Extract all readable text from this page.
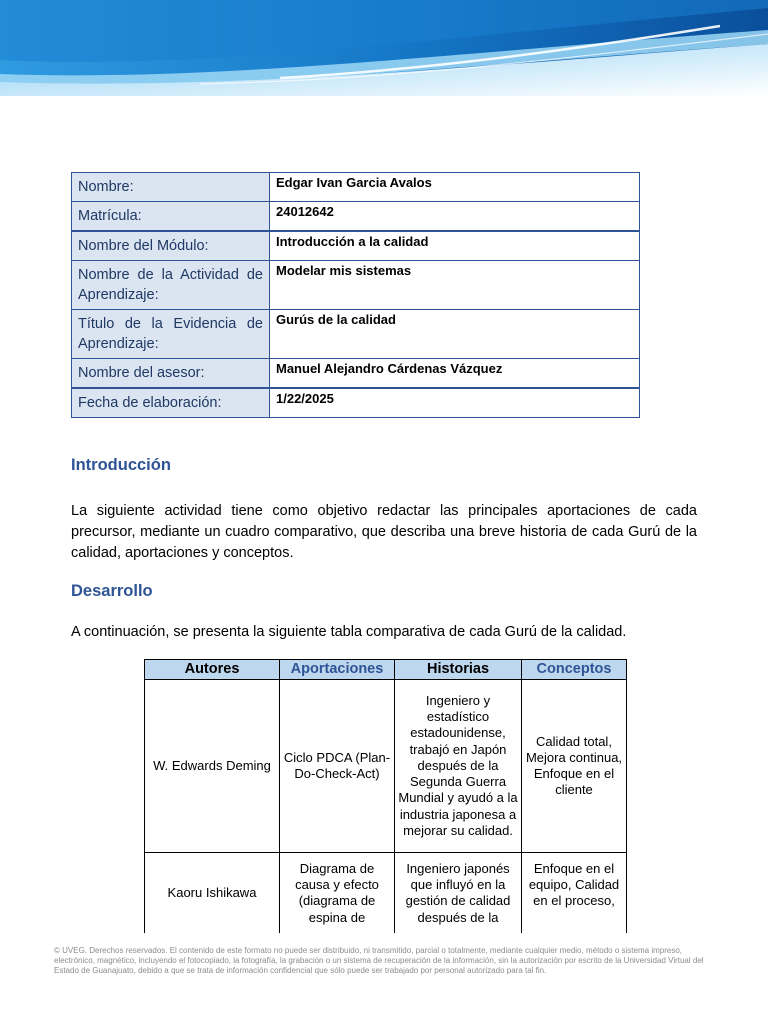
Nombre:	Edgar Ivan Garcia Avalos
Matrícula:	24012642
Nombre del Módulo:	Introducción a la calidad
Nombre de la Actividad de Aprendizaje:	Modelar mis sistemas
Título de la Evidencia de Aprendizaje:	Gurús de la calidad
Nombre del asesor:	Manuel Alejandro Cárdenas Vázquez
Fecha de elaboración:	1/22/2025
Introducción

La siguiente actividad tiene como objetivo redactar las principales aportaciones de cada precursor, mediante un cuadro comparativo, que describa una breve historia de cada Gurú de la calidad, aportaciones y conceptos.

Desarrollo

A continuación, se presenta la siguiente tabla comparativa de cada Gurú de la calidad.

Autores	Aportaciones	Historias	Conceptos
W. Edwards Deming	Ciclo PDCA (Plan-Do-Check-Act)	Ingeniero y estadístico estadounidense, trabajó en Japón después de la Segunda Guerra Mundial y ayudó a la industria japonesa a mejorar su calidad.	Calidad total, Mejora continua, Enfoque en el cliente
Kaoru Ishikawa	Diagrama de causa y efecto (diagrama de espina de	Ingeniero japonés que influyó en la gestión de calidad después de la	Enfoque en el equipo, Calidad en el proceso,

© UVEG. Derechos reservados. El contenido de este formato no puede ser distribuido, ni transmitido, parcial o totalmente, mediante cualquier medio, método o sistema impreso, electrónico, magnético, incluyendo el fotocopiado, la fotografía, la grabación o un sistema de recuperación de la información, sin la autorización por escrito de la Universidad Virtual del Estado de Guanajuato, debido a que se trata de información confidencial que sólo puede ser trabajado por personal autorizado para tal fin.
